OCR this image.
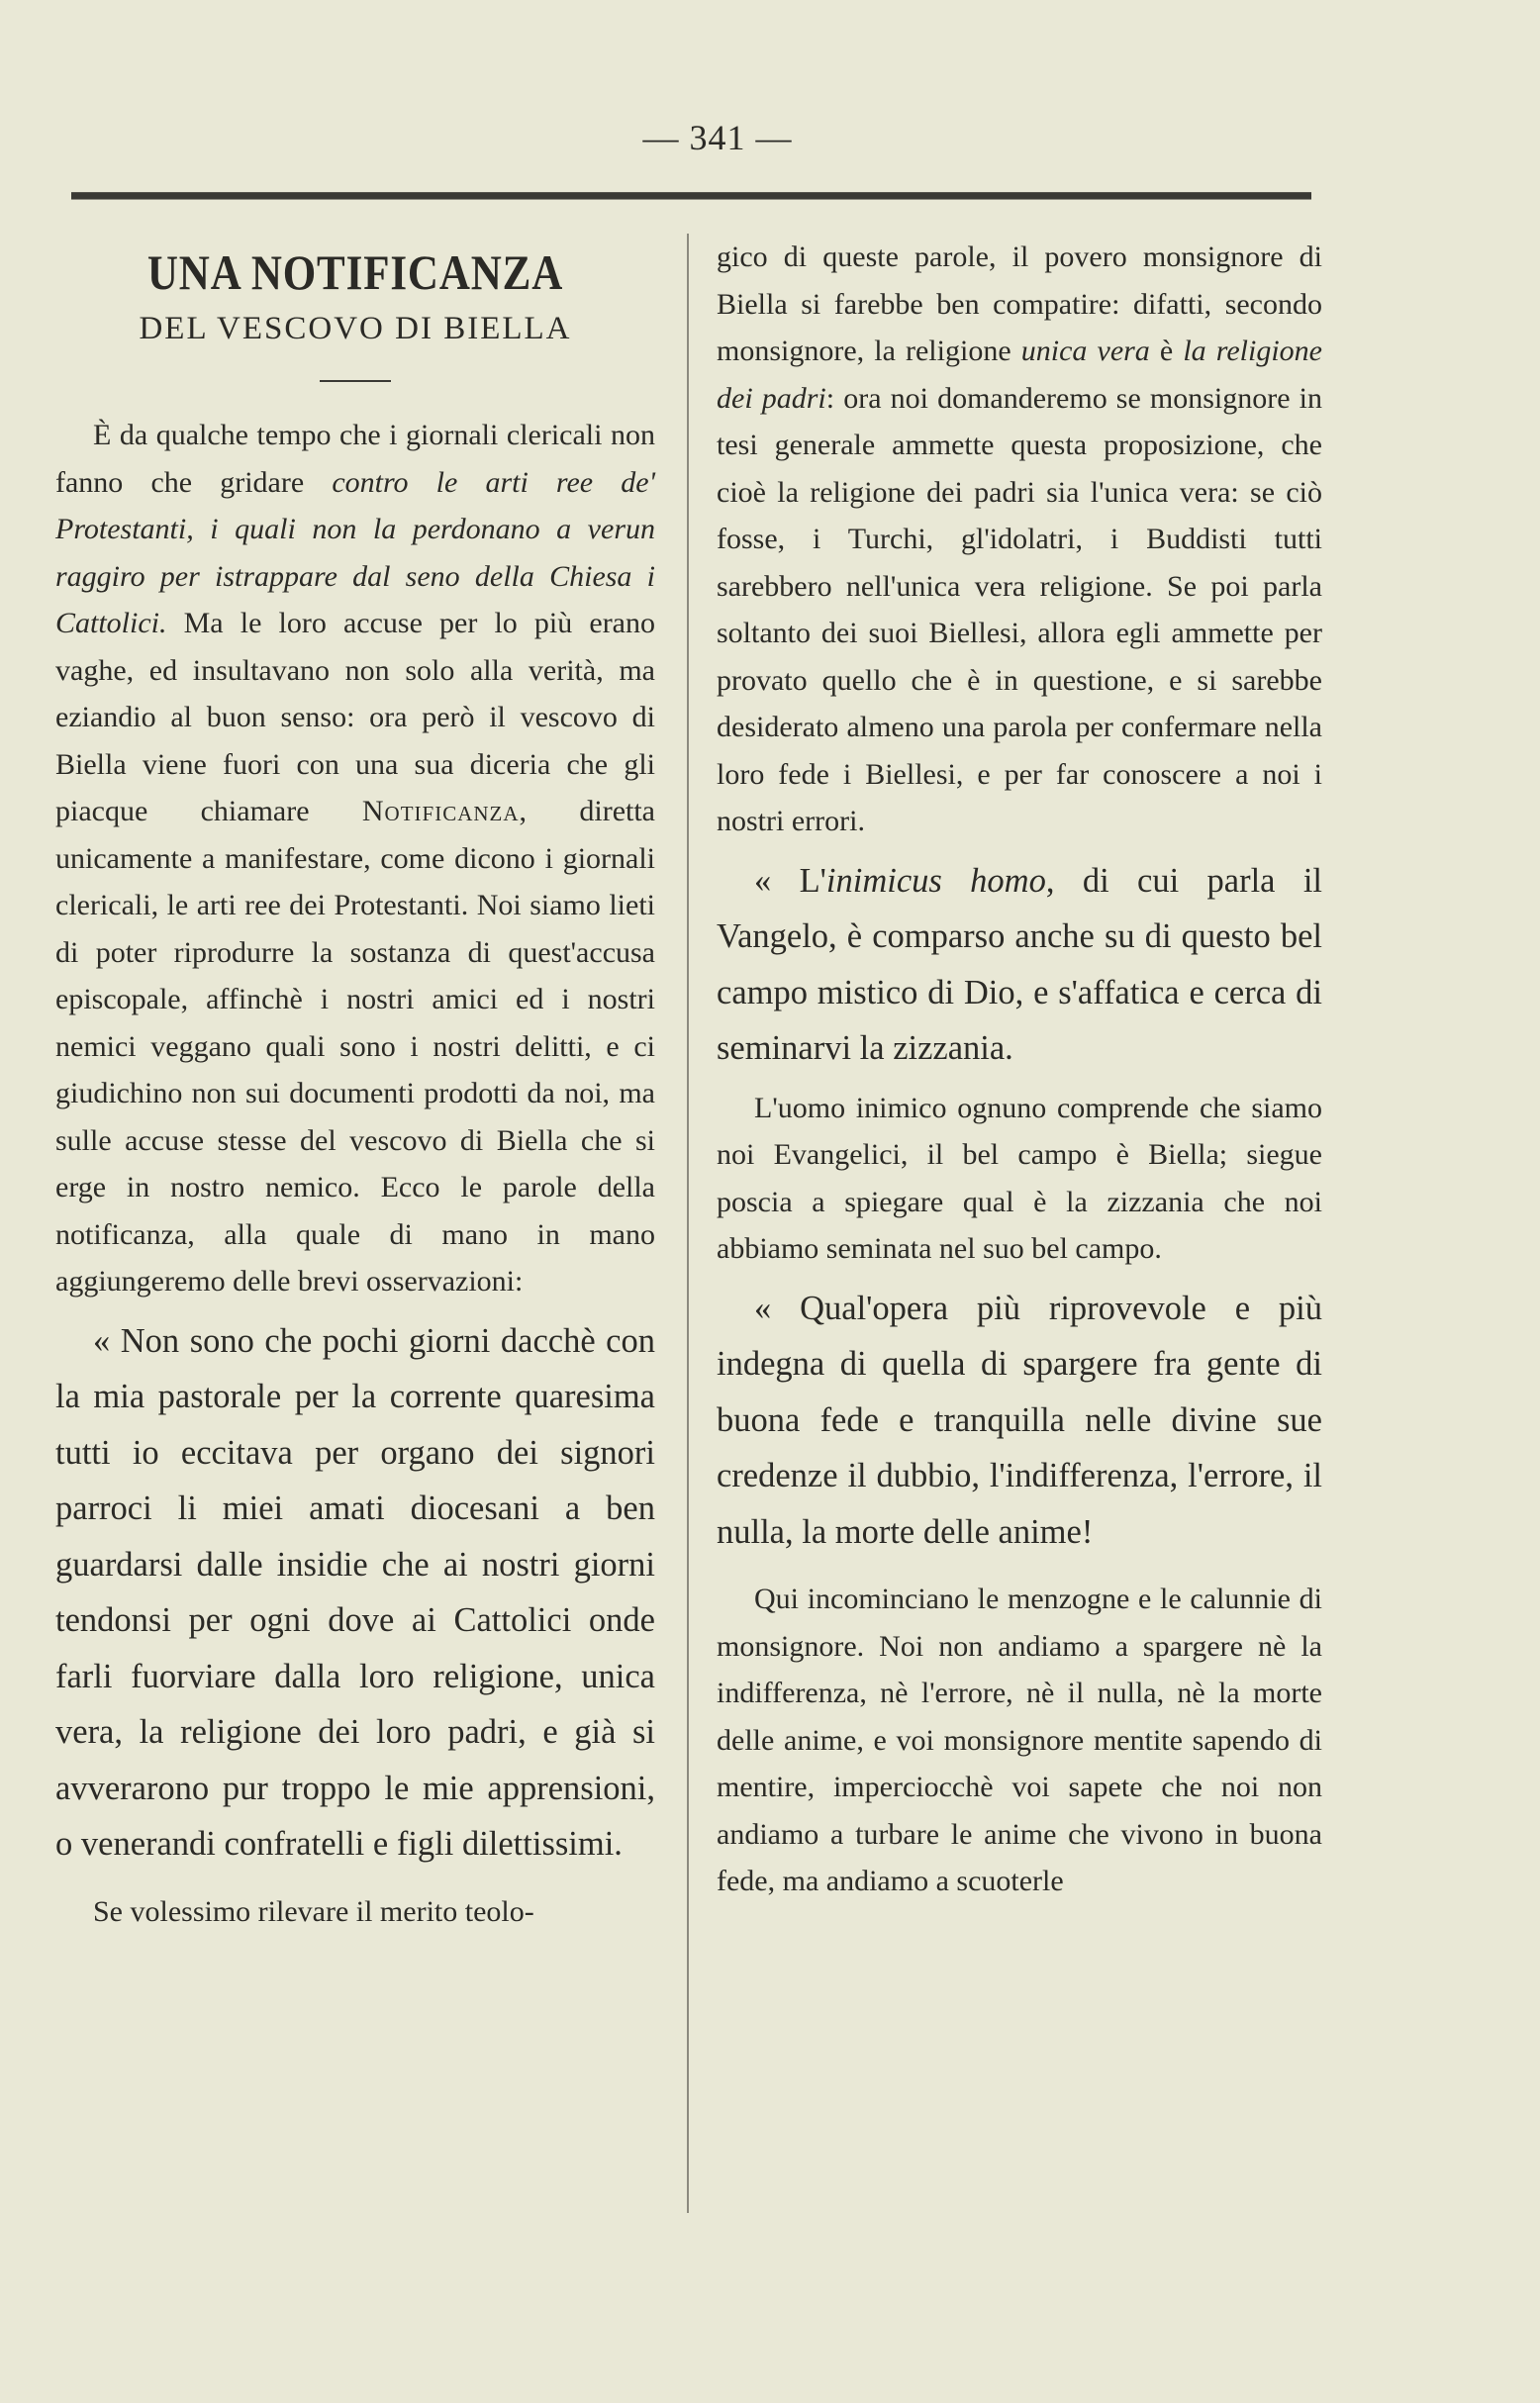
— 341 —
UNA NOTIFICANZA
DEL VESCOVO DI BIELLA

È da qualche tempo che i giornali clericali non fanno che gridare contro le arti ree de' Protestanti, i quali non la perdonano a verun raggiro per istrappare dal seno della Chiesa i Cattolici. Ma le loro accuse per lo più erano vaghe, ed insultavano non solo alla verità, ma eziandio al buon senso: ora però il vescovo di Biella viene fuori con una sua diceria che gli piacque chiamare Notificanza, diretta unicamente a manifestare, come dicono i giornali clericali, le arti ree dei Protestanti. Noi siamo lieti di poter riprodurre la sostanza di quest'accusa episcopale, affinchè i nostri amici ed i nostri nemici veggano quali sono i nostri delitti, e ci giudichino non sui documenti prodotti da noi, ma sulle accuse stesse del vescovo di Biella che si erge in nostro nemico. Ecco le parole della notificanza, alla quale di mano in mano aggiungeremo delle brevi osservazioni:

« Non sono che pochi giorni dacchè con la mia pastorale per la corrente quaresima tutti io eccitava per organo dei signori parroci li miei amati diocesani a ben guardarsi dalle insidie che ai nostri giorni tendonsi per ogni dove ai Cattolici onde farli fuorviare dalla loro religione, unica vera, la religione dei loro padri, e già si avverarono pur troppo le mie apprensioni, o venerandi confratelli e figli dilettissimi.

Se volessimo rilevare il merito teolo-

gico di queste parole, il povero monsignore di Biella si farebbe ben compatire: difatti, secondo monsignore, la religione unica vera è la religione dei padri: ora noi domanderemo se monsignore in tesi generale ammette questa proposizione, che cioè la religione dei padri sia l'unica vera: se ciò fosse, i Turchi, gl'idolatri, i Buddisti tutti sarebbero nell'unica vera religione. Se poi parla soltanto dei suoi Biellesi, allora egli ammette per provato quello che è in questione, e si sarebbe desiderato almeno una parola per confermare nella loro fede i Biellesi, e per far conoscere a noi i nostri errori.

« L'inimicus homo, di cui parla il Vangelo, è comparso anche su di questo bel campo mistico di Dio, e s'affatica e cerca di seminarvi la zizzania.

L'uomo inimico ognuno comprende che siamo noi Evangelici, il bel campo è Biella; siegue poscia a spiegare qual è la zizzania che noi abbiamo seminata nel suo bel campo.

« Qual'opera più riprovevole e più indegna di quella di spargere fra gente di buona fede e tranquilla nelle divine sue credenze il dubbio, l'indifferenza, l'errore, il nulla, la morte delle anime!

Qui incominciano le menzogne e le calunnie di monsignore. Noi non andiamo a spargere nè la indifferenza, nè l'errore, nè il nulla, nè la morte delle anime, e voi monsignore mentite sapendo di mentire, imperciocchè voi sapete che noi non andiamo a turbare le anime che vivono in buona fede, ma andiamo a scuoterle
